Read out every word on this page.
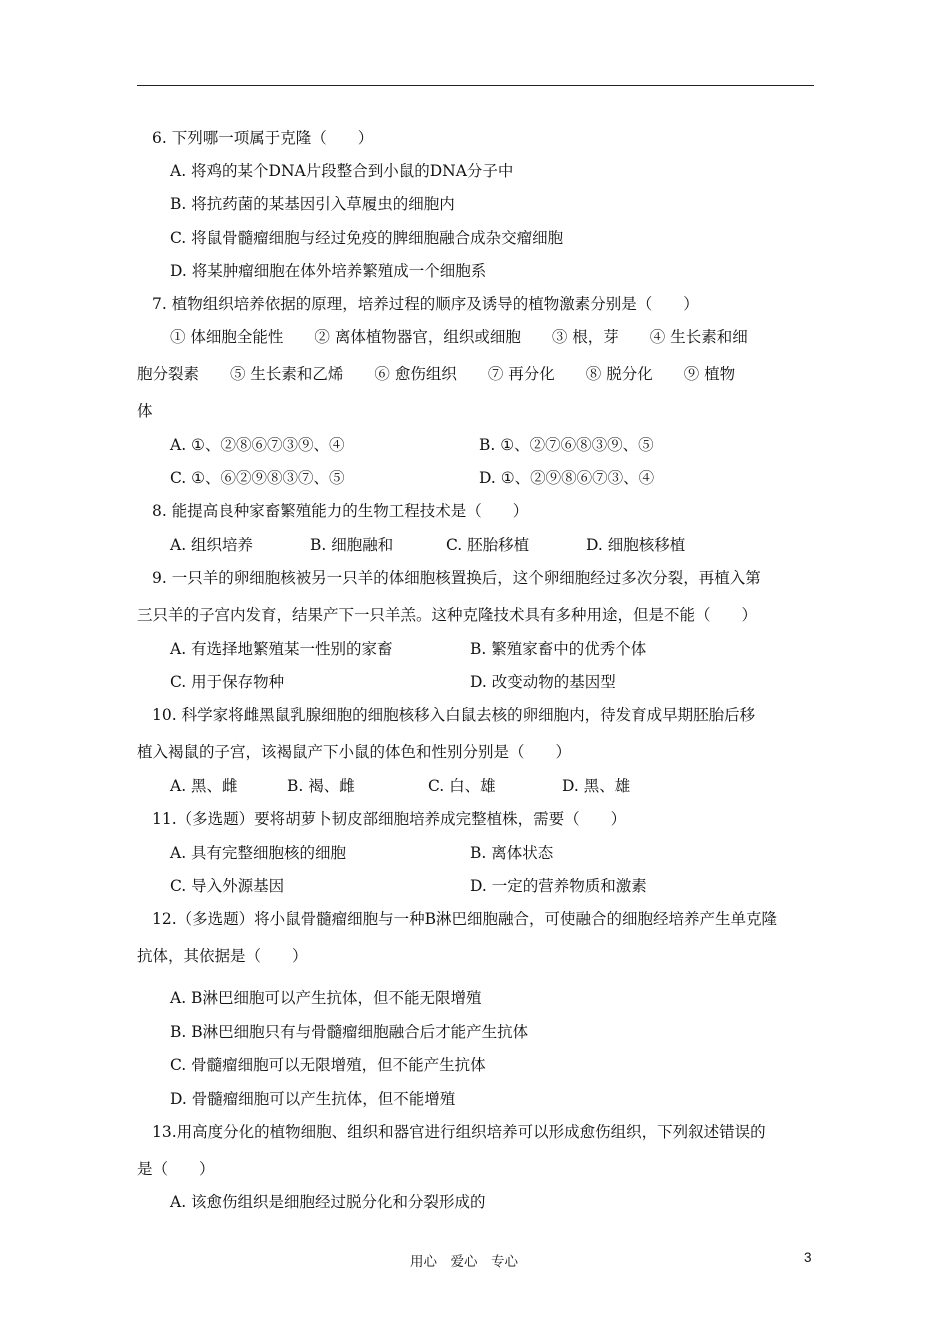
6. 下列哪一项属于克隆（　　）
A. 将鸡的某个DNA片段整合到小鼠的DNA分子中
B. 将抗药菌的某基因引入草履虫的细胞内
C. 将鼠骨髓瘤细胞与经过免疫的脾细胞融合成杂交瘤细胞
D. 将某肿瘤细胞在体外培养繁殖成一个细胞系
7. 植物组织培养依据的原理，培养过程的顺序及诱导的植物激素分别是（　　）
① 体细胞全能性　　② 离体植物器官，组织或细胞　　③ 根，芽　　④ 生长素和细
胞分裂素　　⑤ 生长素和乙烯　　⑥ 愈伤组织　　⑦ 再分化　　⑧ 脱分化　　⑨ 植物
体
A. ①、②⑧⑥⑦③⑨、④	B. ①、②⑦⑥⑧③⑨、⑤
C. ①、⑥②⑨⑧③⑦、⑤	D. ①、②⑨⑧⑥⑦③、④
8. 能提高良种家畜繁殖能力的生物工程技术是（　　）
A. 组织培养	B. 细胞融和	C. 胚胎移植	D. 细胞核移植
9. 一只羊的卵细胞核被另一只羊的体细胞核置换后，这个卵细胞经过多次分裂，再植入第
三只羊的子宫内发育，结果产下一只羊羔。这种克隆技术具有多种用途，但是不能（　　）
A. 有选择地繁殖某一性别的家畜	B. 繁殖家畜中的优秀个体
C. 用于保存物种	D. 改变动物的基因型
10. 科学家将雌黑鼠乳腺细胞的细胞核移入白鼠去核的卵细胞内，待发育成早期胚胎后移
植入褐鼠的子宫，该褐鼠产下小鼠的体色和性别分别是（　　）
A. 黑、雌	B. 褐、雌	C. 白、雄	D. 黑、雄
11.（多选题）要将胡萝卜韧皮部细胞培养成完整植株，需要（　　）
A. 具有完整细胞核的细胞	B. 离体状态
C. 导入外源基因	D. 一定的营养物质和激素
12.（多选题）将小鼠骨髓瘤细胞与一种B淋巴细胞融合，可使融合的细胞经培养产生单克隆
抗体，其依据是（　　）
A. B淋巴细胞可以产生抗体，但不能无限增殖
B. B淋巴细胞只有与骨髓瘤细胞融合后才能产生抗体
C. 骨髓瘤细胞可以无限增殖，但不能产生抗体
D. 骨髓瘤细胞可以产生抗体，但不能增殖
13.用高度分化的植物细胞、组织和器官进行组织培养可以形成愈伤组织，下列叙述错误的
是（　　）
A. 该愈伤组织是细胞经过脱分化和分裂形成的
用心　爱心　专心	3
